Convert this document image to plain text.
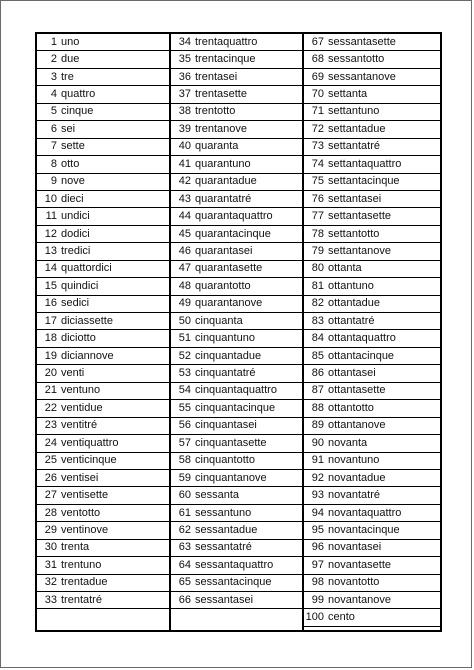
1 uno
2 due
3 tre
4 quattro
5 cinque
6 sei
7 sette
8 otto
9 nove
10 dieci
11 undici
12 dodici
13 tredici
14 quattordici
15 quindici
16 sedici
17 diciassette
18 diciotto
19 diciannove
20 venti
21 ventuno
22 ventidue
23 ventitré
24 ventiquattro
25 venticinque
26 ventisei
27 ventisette
28 ventotto
29 ventinove
30 trenta
31 trentuno
32 trentadue
33 trentatré
34 trentaquattro
35 trentacinque
36 trentasei
37 trentasette
38 trentotto
39 trentanove
40 quaranta
41 quarantuno
42 quarantadue
43 quarantatré
44 quarantaquattro
45 quarantacinque
46 quarantasei
47 quarantasette
48 quarantotto
49 quarantanove
50 cinquanta
51 cinquantuno
52 cinquantadue
53 cinquantatré
54 cinquantaquattro
55 cinquantacinque
56 cinquantasei
57 cinquantasette
58 cinquantotto
59 cinquantanove
60 sessanta
61 sessantuno
62 sessantadue
63 sessantatré
64 sessantaquattro
65 sessantacinque
66 sessantasei
67 sessantasette
68 sessantotto
69 sessantanove
70 settanta
71 settantuno
72 settantadue
73 settantatré
74 settantaquattro
75 settantacinque
76 settantasei
77 settantasette
78 settantotto
79 settantanove
80 ottanta
81 ottantuno
82 ottantadue
83 ottantatré
84 ottantaquattro
85 ottantacinque
86 ottantasei
87 ottantasette
88 ottantotto
89 ottantanove
90 novanta
91 novantuno
92 novantadue
93 novantatré
94 novantaquattro
95 novantacinque
96 novantasei
97 novantasette
98 novantotto
99 novantanove
100 cento
